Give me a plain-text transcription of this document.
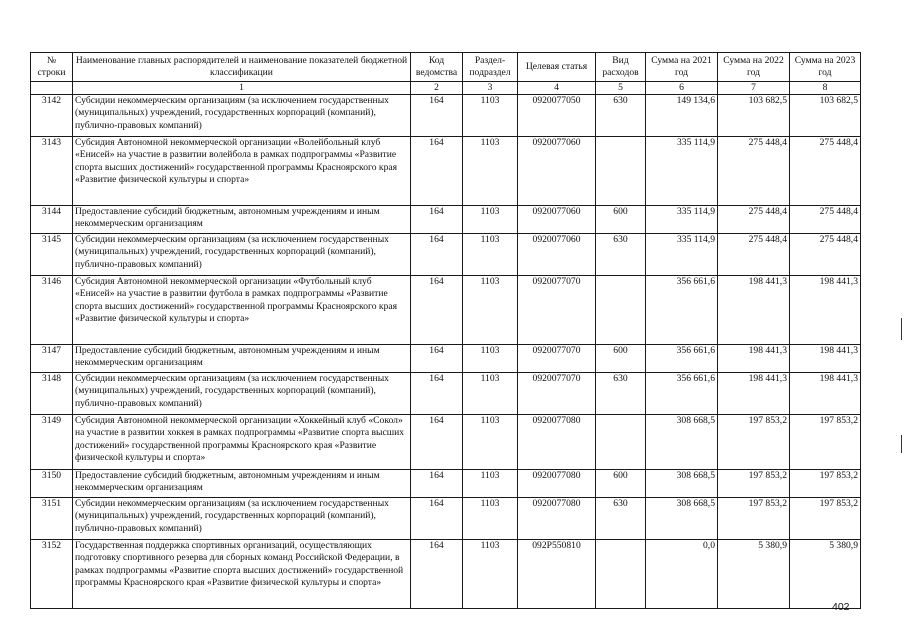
№ строки	Наименование главных распорядителей и наименование показателей бюджетной классификации	Код ведомства	Раздел-подраздел	Целевая статья	Вид расходов	Сумма на 2021 год	Сумма на 2022 год	Сумма на 2023 год
	1	2	3	4	5	6	7	8
3142	Субсидии некоммерческим организациям (за исключением государственных (муниципальных) учреждений, государственных корпораций (компаний), публично-правовых компаний)	164	1103	0920077050	630	149 134,6	103 682,5	103 682,5
3143	Субсидия Автономной некоммерческой организации «Волейбольный клуб «Енисей» на участие в развитии волейбола в рамках подпрограммы «Развитие спорта высших достижений» государственной программы Красноярского края «Развитие физической культуры и спорта»	164	1103	0920077060		335 114,9	275 448,4	275 448,4
3144	Предоставление субсидий бюджетным, автономным учреждениям и иным некоммерческим организациям	164	1103	0920077060	600	335 114,9	275 448,4	275 448,4
3145	Субсидии некоммерческим организациям (за исключением государственных (муниципальных) учреждений, государственных корпораций (компаний), публично-правовых компаний)	164	1103	0920077060	630	335 114,9	275 448,4	275 448,4
3146	Субсидия Автономной некоммерческой организации «Футбольный клуб «Енисей» на участие в развитии футбола в рамках подпрограммы «Развитие спорта высших достижений» государственной программы Красноярского края «Развитие физической культуры и спорта»	164	1103	0920077070		356 661,6	198 441,3	198 441,3
3147	Предоставление субсидий бюджетным, автономным учреждениям и иным некоммерческим организациям	164	1103	0920077070	600	356 661,6	198 441,3	198 441,3
3148	Субсидии некоммерческим организациям (за исключением государственных (муниципальных) учреждений, государственных корпораций (компаний), публично-правовых компаний)	164	1103	0920077070	630	356 661,6	198 441,3	198 441,3
3149	Субсидия Автономной некоммерческой организации «Хоккейный клуб «Сокол» на участие в развитии хоккея в рамках подпрограммы «Развитие спорта высших достижений» государственной программы Красноярского края «Развитие физической культуры и спорта»	164	1103	0920077080		308 668,5	197 853,2	197 853,2
3150	Предоставление субсидий бюджетным, автономным учреждениям и иным некоммерческим организациям	164	1103	0920077080	600	308 668,5	197 853,2	197 853,2
3151	Субсидии некоммерческим организациям (за исключением государственных (муниципальных) учреждений, государственных корпораций (компаний), публично-правовых компаний)	164	1103	0920077080	630	308 668,5	197 853,2	197 853,2
3152	Государственная поддержка спортивных организаций, осуществляющих подготовку спортивного резерва для сборных команд Российской Федерации, в рамках подпрограммы «Развитие спорта высших достижений» государственной программы Красноярского края «Развитие физической культуры и спорта»	164	1103	092Р550810		0,0	5 380,9	5 380,9
402
